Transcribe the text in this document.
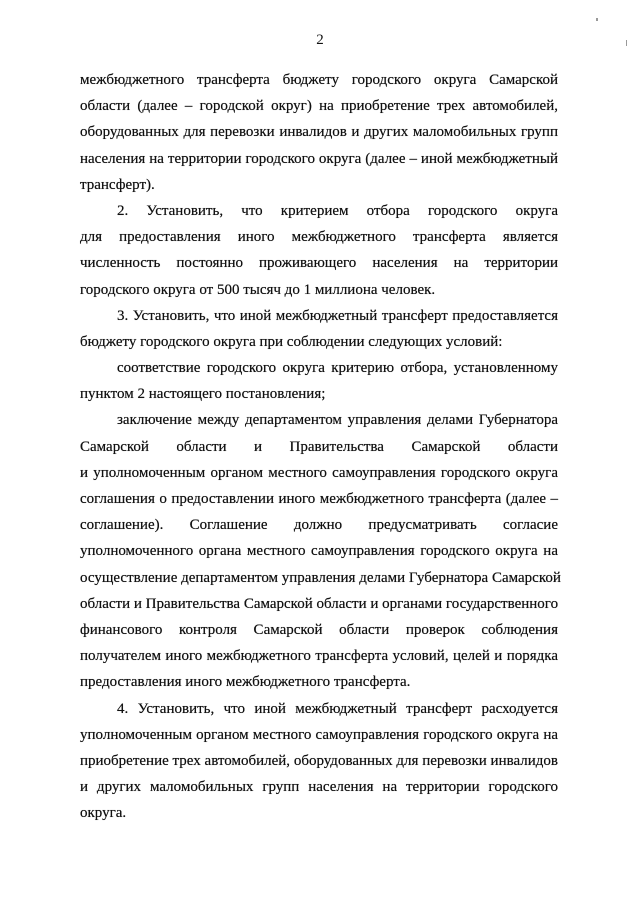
2
межбюджетного трансферта бюджету городского округа Самарской
области (далее – городской округ) на приобретение трех автомобилей,
оборудованных для перевозки инвалидов и других маломобильных групп
населения на территории городского округа (далее – иной межбюджетный
трансферт).
2. Установить, что критерием отбора городского округа
для предоставления иного межбюджетного трансферта является
численность постоянно проживающего населения на территории
городского округа от 500 тысяч до 1 миллиона человек.
3. Установить, что иной межбюджетный трансферт предоставляется
бюджету городского округа при соблюдении следующих условий:
соответствие городского округа критерию отбора, установленному
пунктом 2 настоящего постановления;
заключение между департаментом управления делами Губернатора
Самарской области и Правительства Самарской области
и уполномоченным органом местного самоуправления городского округа
соглашения о предоставлении иного межбюджетного трансферта (далее –
соглашение). Соглашение должно предусматривать согласие
уполномоченного органа местного самоуправления городского округа на
осуществление департаментом управления делами Губернатора Самарской
области и Правительства Самарской области и органами государственного
финансового контроля Самарской области проверок соблюдения
получателем иного межбюджетного трансферта условий, целей и порядка
предоставления иного межбюджетного трансферта.
4. Установить, что иной межбюджетный трансферт расходуется
уполномоченным органом местного самоуправления городского округа на
приобретение трех автомобилей, оборудованных для перевозки инвалидов
и других маломобильных групп населения на территории городского
округа.
